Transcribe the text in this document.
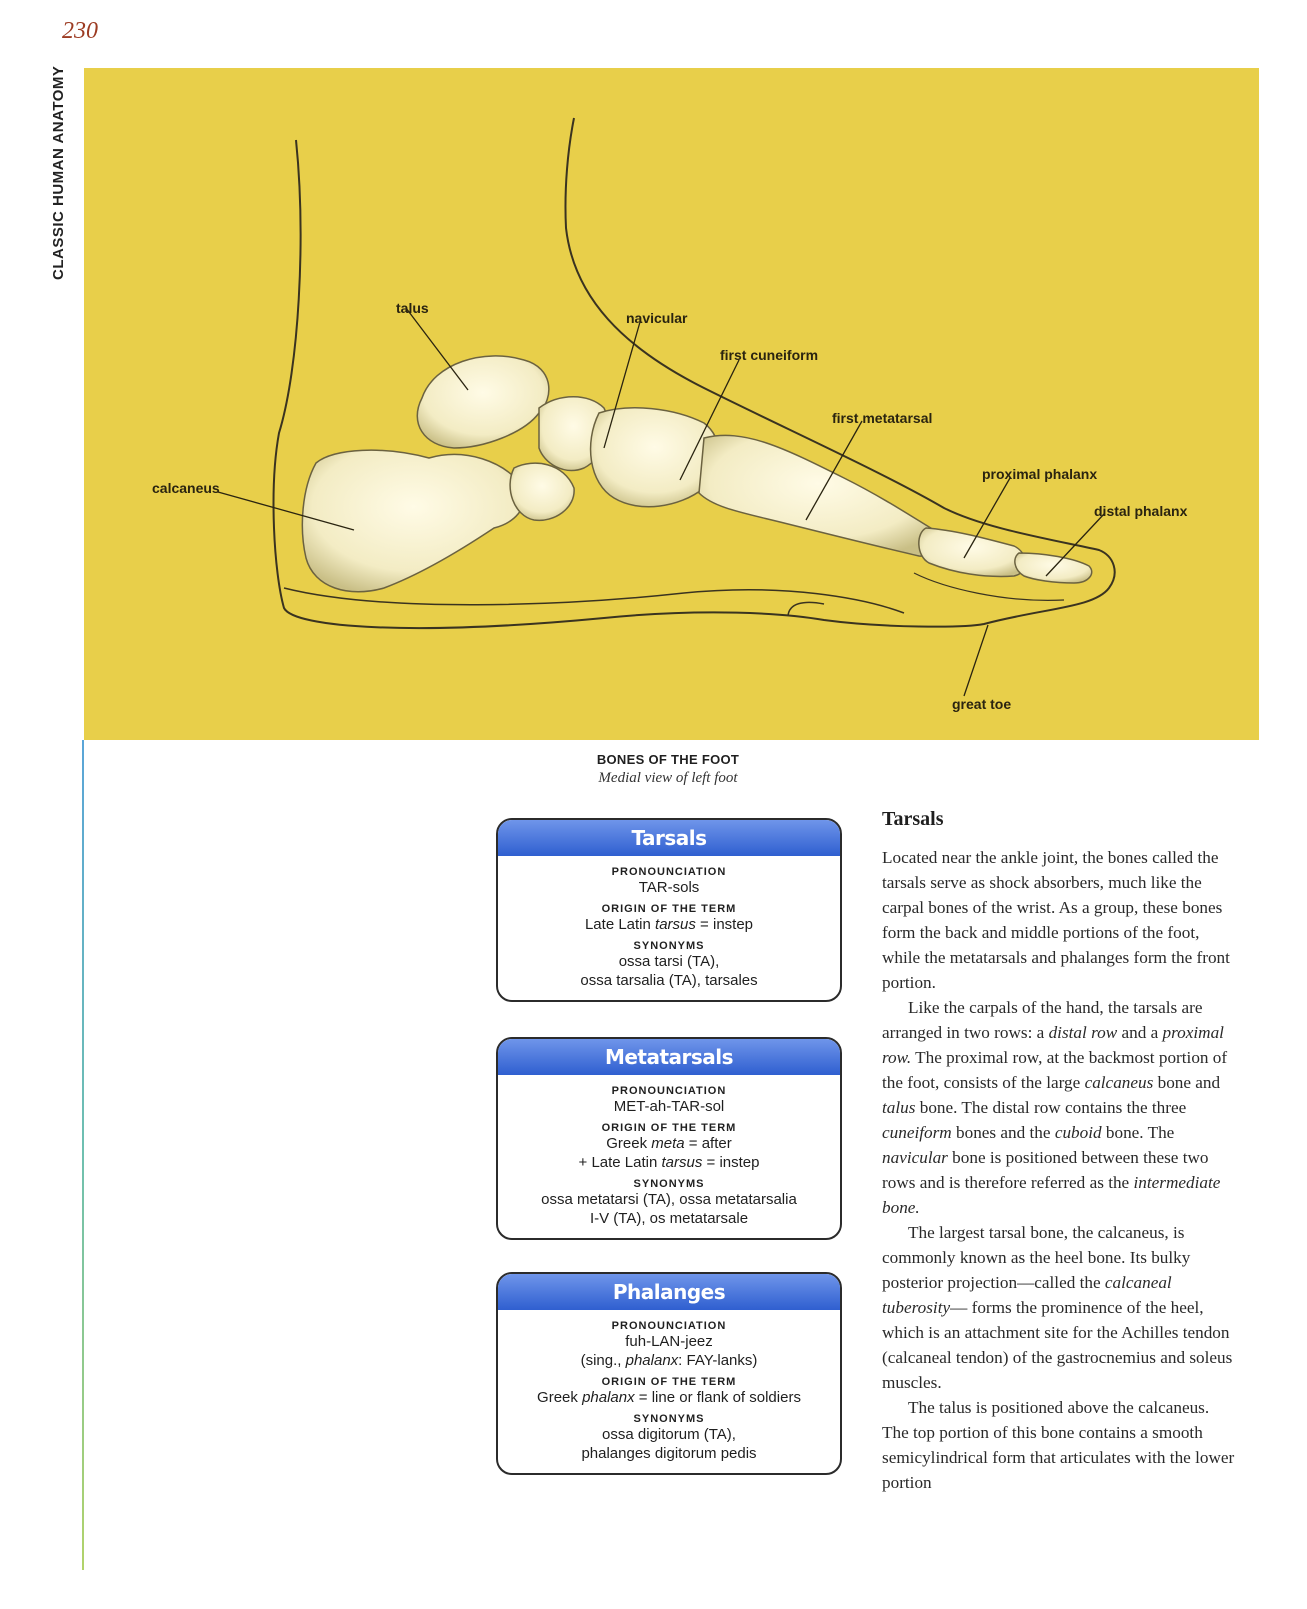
230
CLASSIC HUMAN ANATOMY
talus
navicular
first cuneiform
first metatarsal
calcaneus
proximal phalanx
distal phalanx
great toe
BONES OF THE FOOT
Medial view of left foot
Tarsals
PRONOUNCIATION
TAR-sols
ORIGIN OF THE TERM
Late Latin tarsus = instep
SYNONYMS
ossa tarsi (TA),
ossa tarsalia (TA), tarsales
Metatarsals
PRONOUNCIATION
MET-ah-TAR-sol
ORIGIN OF THE TERM
Greek meta = after
+ Late Latin tarsus = instep
SYNONYMS
ossa metatarsi (TA), ossa metatarsalia
I-V (TA), os metatarsale
Phalanges
PRONOUNCIATION
fuh-LAN-jeez
(sing., phalanx: FAY-lanks)
ORIGIN OF THE TERM
Greek phalanx = line or flank of soldiers
SYNONYMS
ossa digitorum (TA),
phalanges digitorum pedis
Tarsals

Located near the ankle joint, the bones called the tarsals serve as shock absorbers, much like the carpal bones of the wrist. As a group, these bones form the back and middle portions of the foot, while the metatarsals and phalanges form the front portion.

Like the carpals of the hand, the tarsals are arranged in two rows: a distal row and a proximal row. The proximal row, at the backmost portion of the foot, consists of the large calcaneus bone and talus bone. The distal row contains the three cuneiform bones and the cuboid bone. The navicular bone is positioned between these two rows and is therefore referred as the intermediate bone.

The largest tarsal bone, the calcaneus, is commonly known as the heel bone. Its bulky posterior projection—called the calcaneal tuberosity— forms the prominence of the heel, which is an attachment site for the Achilles tendon (calcaneal tendon) of the gastrocnemius and soleus muscles.

The talus is positioned above the calcaneus. The top portion of this bone contains a smooth semicylindrical form that articulates with the lower portion
